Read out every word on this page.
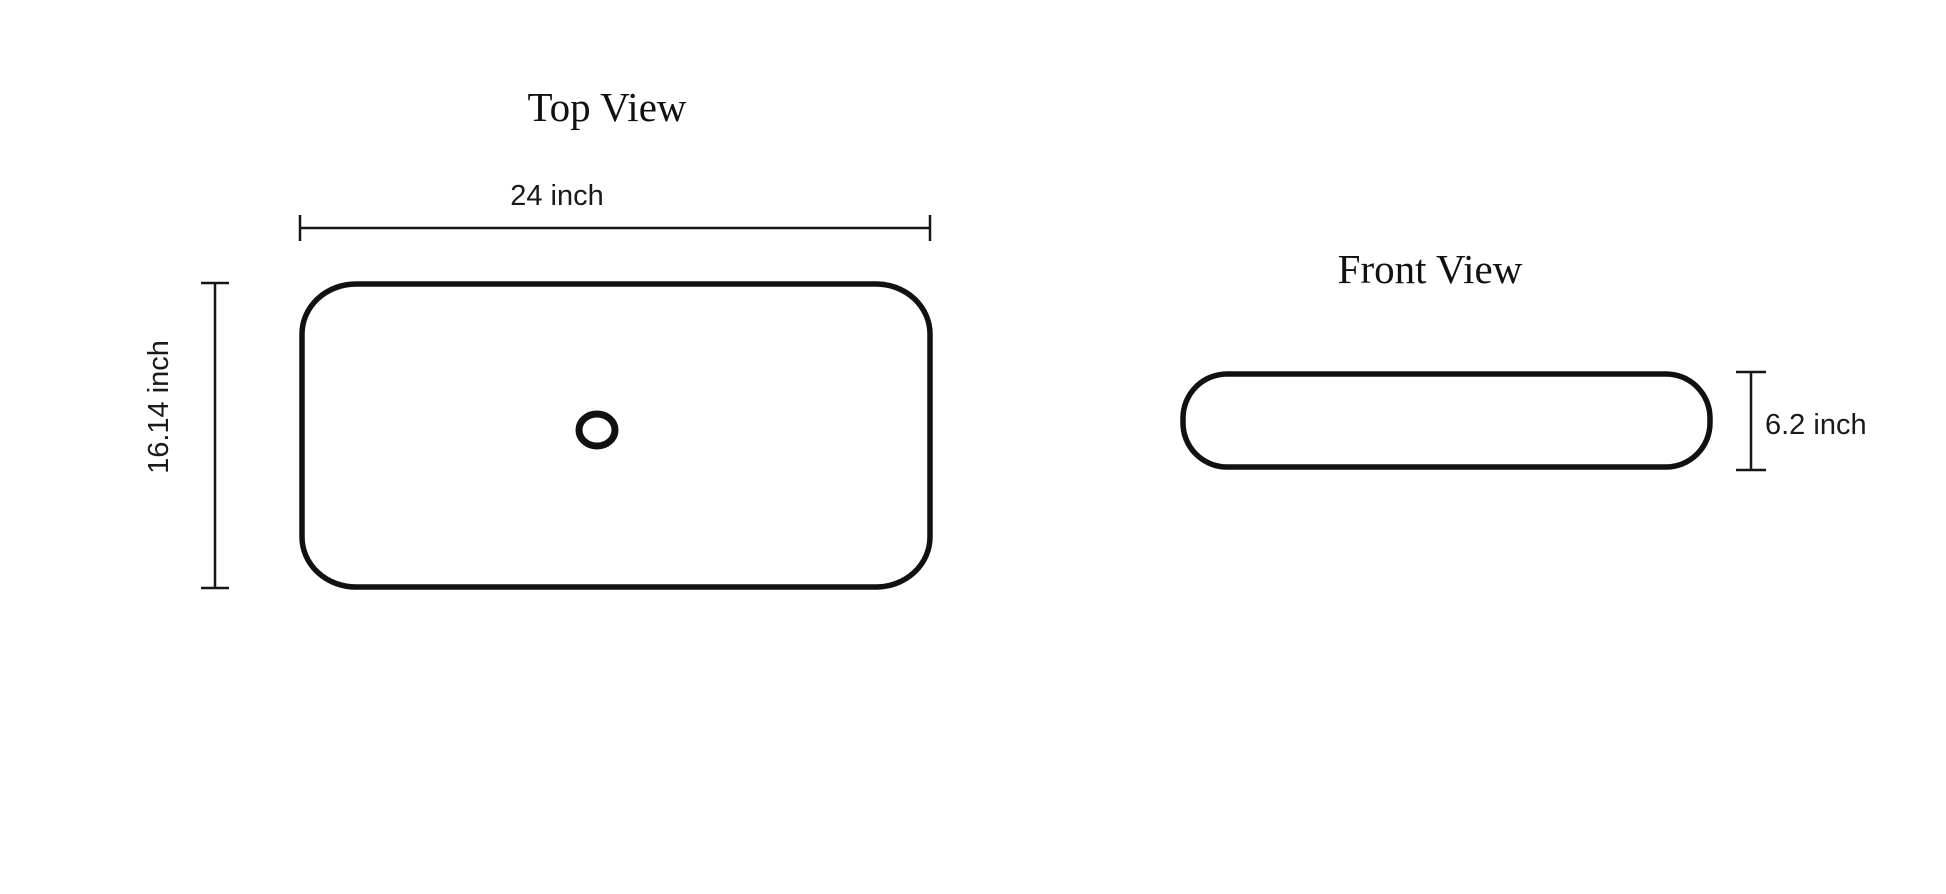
Top View
24 inch
16.14 inch
Front View
6.2 inch
